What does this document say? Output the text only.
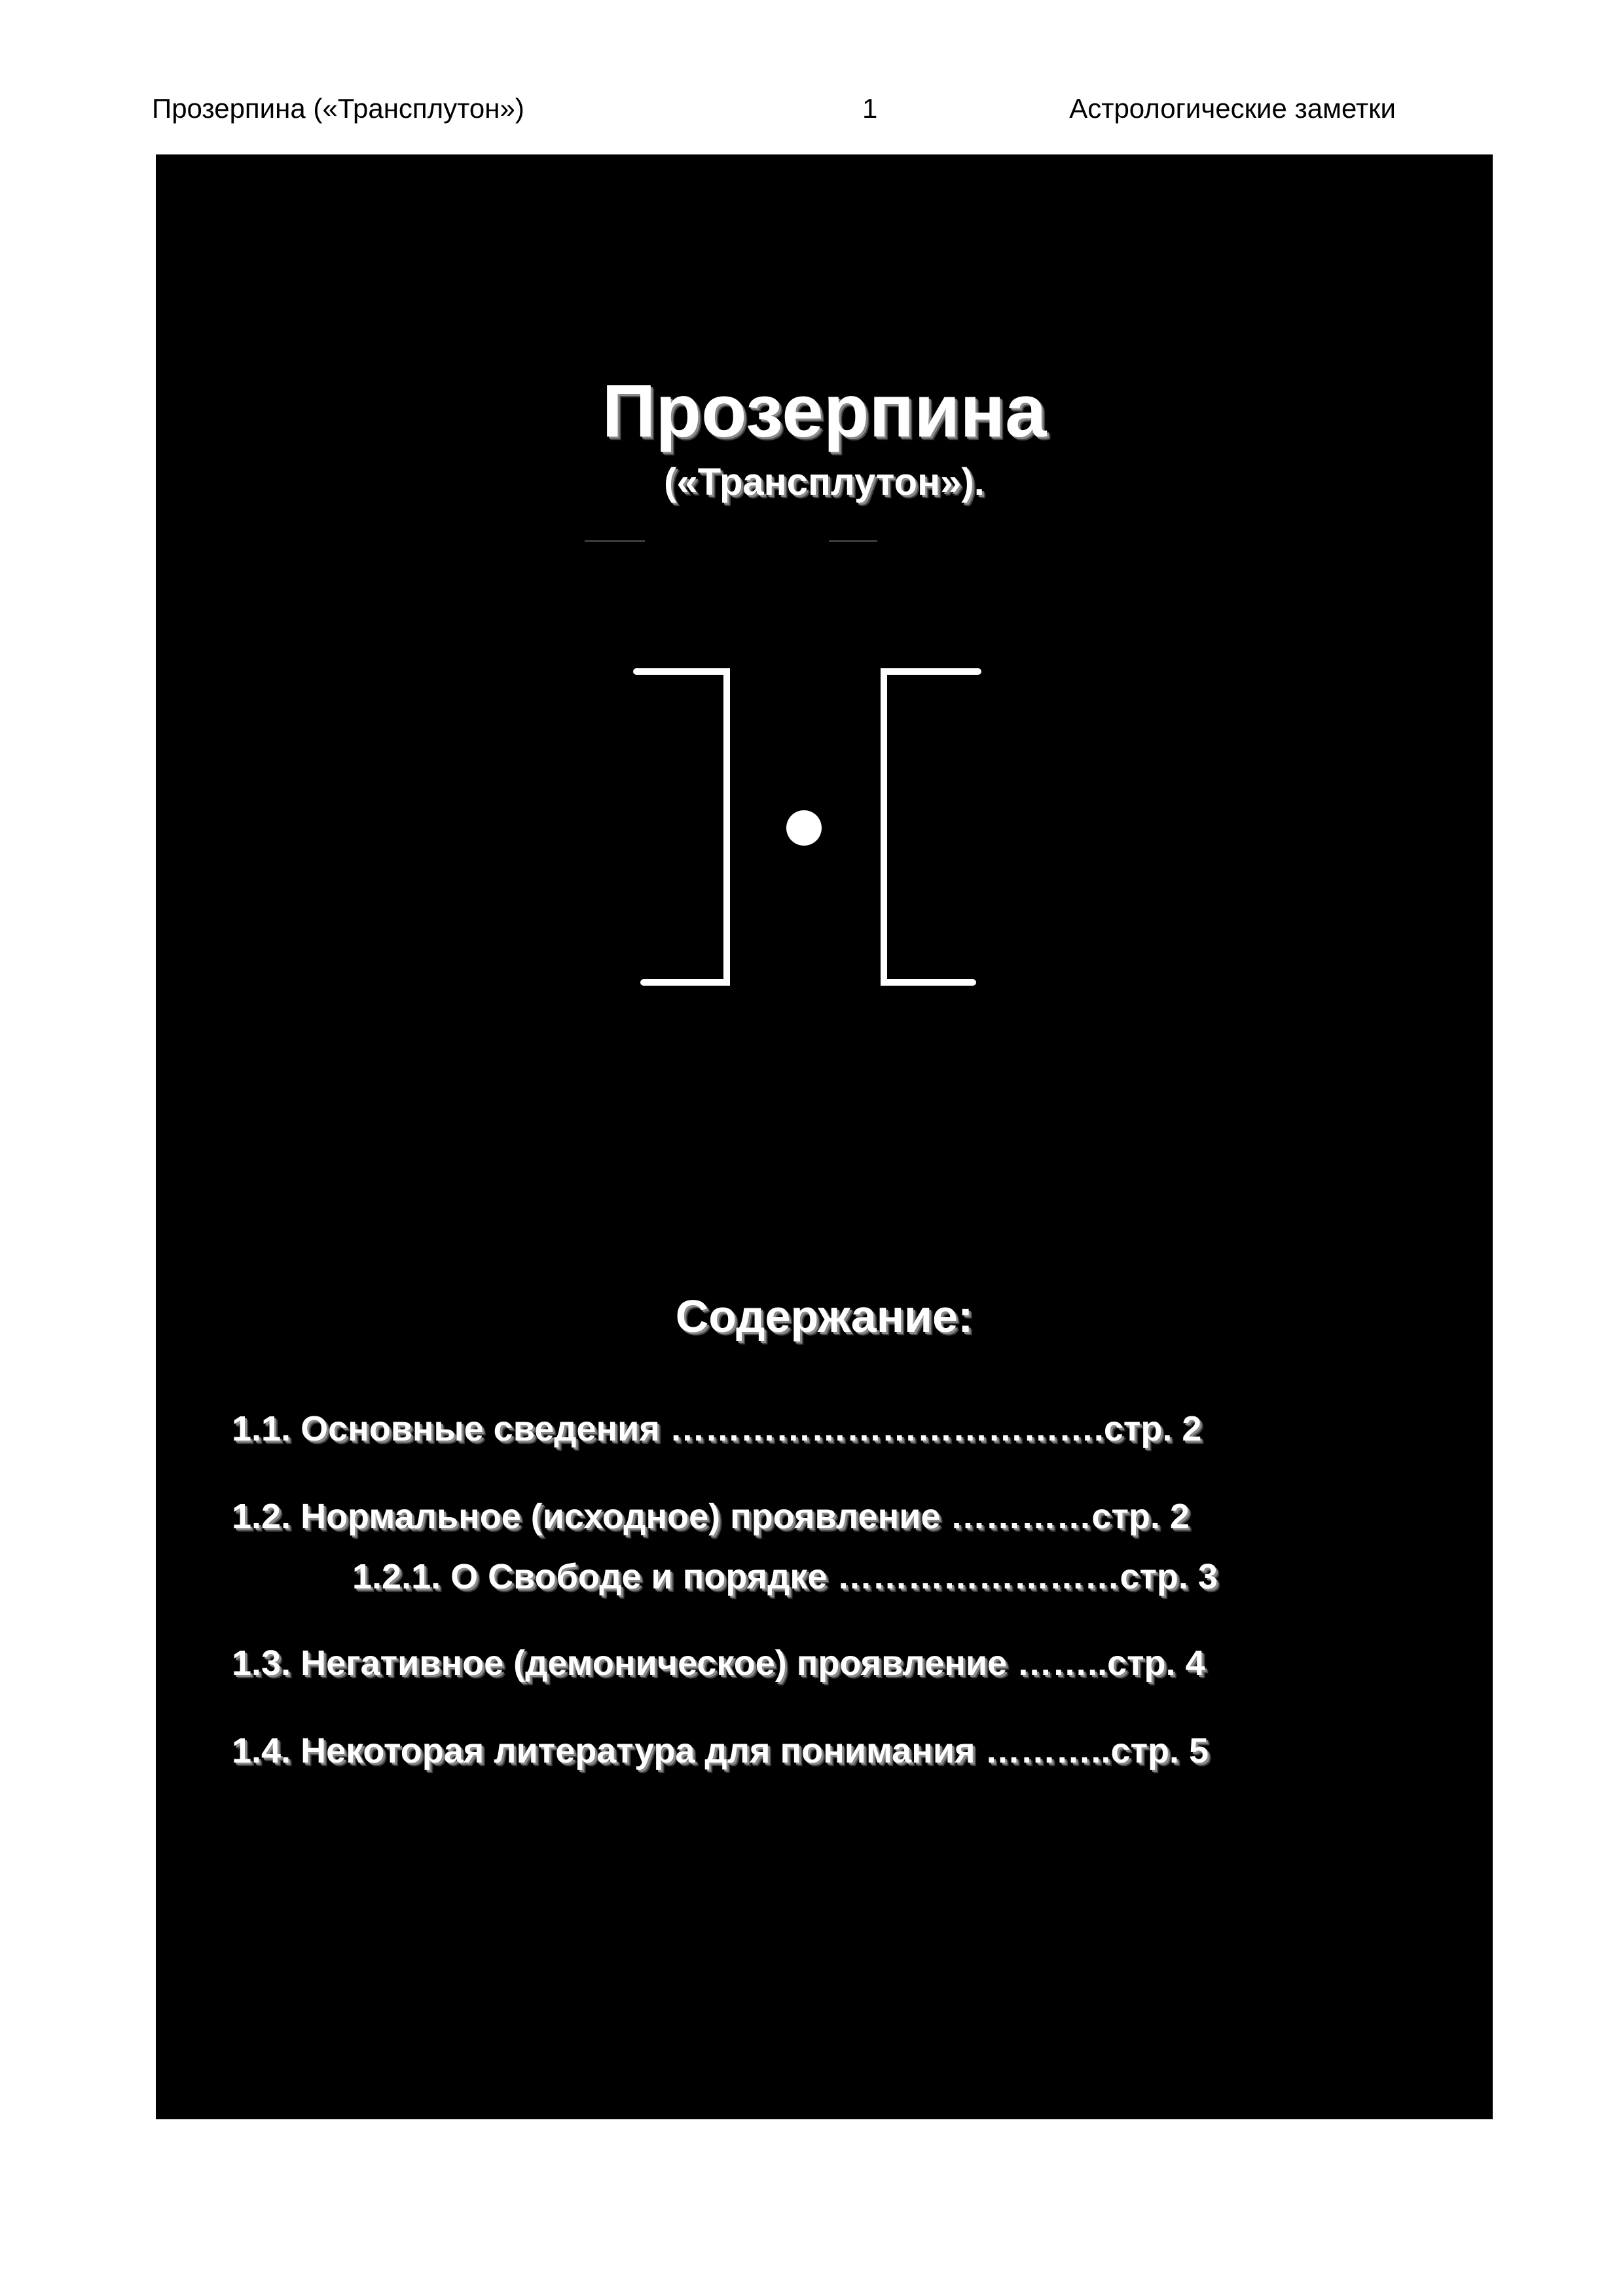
Прозерпина («Трансплутон»)	1	Астрологические заметки
Прозерпина
(«Трансплутон»).
Содержание:
1.1. Основные сведения ……………………………….стр. 2
1.2. Нормальное (исходное) проявление …………стр. 2
1.2.1. О Свободе и порядке ……………………стр. 3
1.3. Негативное (демоническое) проявление ……..стр. 4
1.4. Некоторая литература для понимания ………..стр. 5
